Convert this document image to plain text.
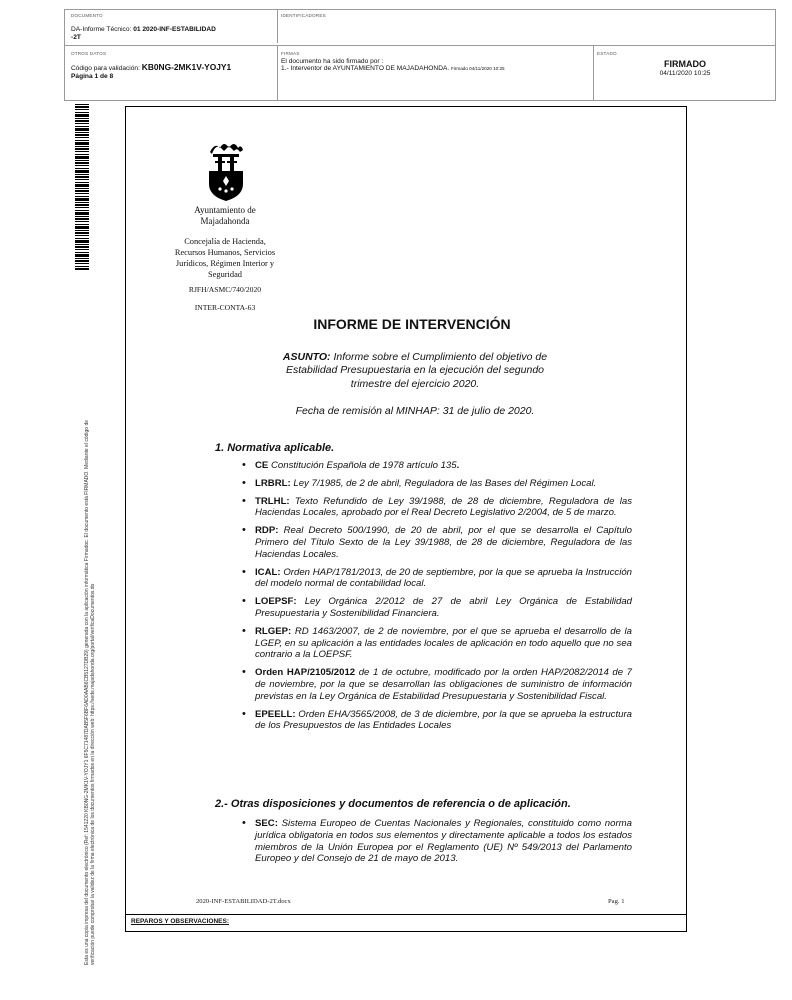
DOCUMENTO
DA-Informe Técnico: 01 2020-INF-ESTABILIDAD
-2T
IDENTIFICADORES
OTROS DATOS
Código para validación: KB0NG-2MK1V-YOJY1
Página 1 de 8
FIRMAS
El documento ha sido firmado por :
1.- Interventor de AYUNTAMIENTO DE MAJADAHONDA. Firmado 04/11/2020 10:25
ESTADO
FIRMADO
04/11/2020 10:25
Esta es una copia impresa del documento electrónico (Ref: 1541220 KB0NG-2MK1V-YOJY1 6F5C71487DAB5F6BF6AD0AAB6CB5127DB29) generada con la aplicación informática Firmadoc. El documento está FIRMADO. Mediante el código de verificación puede comprobar la validez de la firma electrónica de los documentos firmados en la dirección web: https://sede.majadahonda.org/portal/verificaDocumentos.do
Ayuntamiento de
Majadahonda
Concejalía de Hacienda,
Recursos Humanos, Servicios
Jurídicos, Régimen Interior y
Seguridad
RJFH/ASMC/740/2020
INTER-CONTA-63
INFORME DE INTERVENCIÓN
ASUNTO: Informe sobre el Cumplimiento del objetivo de
Estabilidad Presupuestaria en la ejecución del segundo
trimestre del ejercicio 2020.
Fecha de remisión al MINHAP: 31 de julio de 2020.
1. Normativa aplicable.
• CE Constitución Española de 1978 artículo 135.
• LRBRL: Ley 7/1985, de 2 de abril, Reguladora de las Bases del Régimen Local.
• TRLHL: Texto Refundido de Ley 39/1988, de 28 de diciembre, Reguladora de las Haciendas Locales, aprobado por el Real Decreto Legislativo 2/2004, de 5 de marzo.
• RDP: Real Decreto 500/1990, de 20 de abril, por el que se desarrolla el Capítulo Primero del Título Sexto de la Ley 39/1988, de 28 de diciembre, Reguladora de las Haciendas Locales.
• ICAL: Orden HAP/1781/2013, de 20 de septiembre, por la que se aprueba la Instrucción del modelo normal de contabilidad local.
• LOEPSF: Ley Orgánica 2/2012 de 27 de abril Ley Orgánica de Estabilidad Presupuestaria y Sostenibilidad Financiera.
• RLGEP: RD 1463/2007, de 2 de noviembre, por el que se aprueba el desarrollo de la LGEP, en su aplicación a las entidades locales de aplicación en todo aquello que no sea contrario a la LOEPSF.
• Orden HAP/2105/2012 de 1 de octubre, modificado por la orden HAP/2082/2014 de 7 de noviembre, por la que se desarrollan las obligaciones de suministro de información previstas en la Ley Orgánica de Estabilidad Presupuestaria y Sostenibilidad Fiscal.
• EPEELL: Orden EHA/3565/2008, de 3 de diciembre, por la que se aprueba la estructura de los Presupuestos de las Entidades Locales
2.- Otras disposiciones y documentos de referencia o de aplicación.
• SEC: Sistema Europeo de Cuentas Nacionales y Regionales, constituido como norma jurídica obligatoria en todos sus elementos y directamente aplicable a todos los estados miembros de la Unión Europea por el Reglamento (UE) Nº 549/2013 del Parlamento Europeo y del Consejo de 21 de mayo de 2013.
2020-INF-ESTABILIDAD-2T.docx	Pag. 1
REPAROS Y OBSERVACIONES:
